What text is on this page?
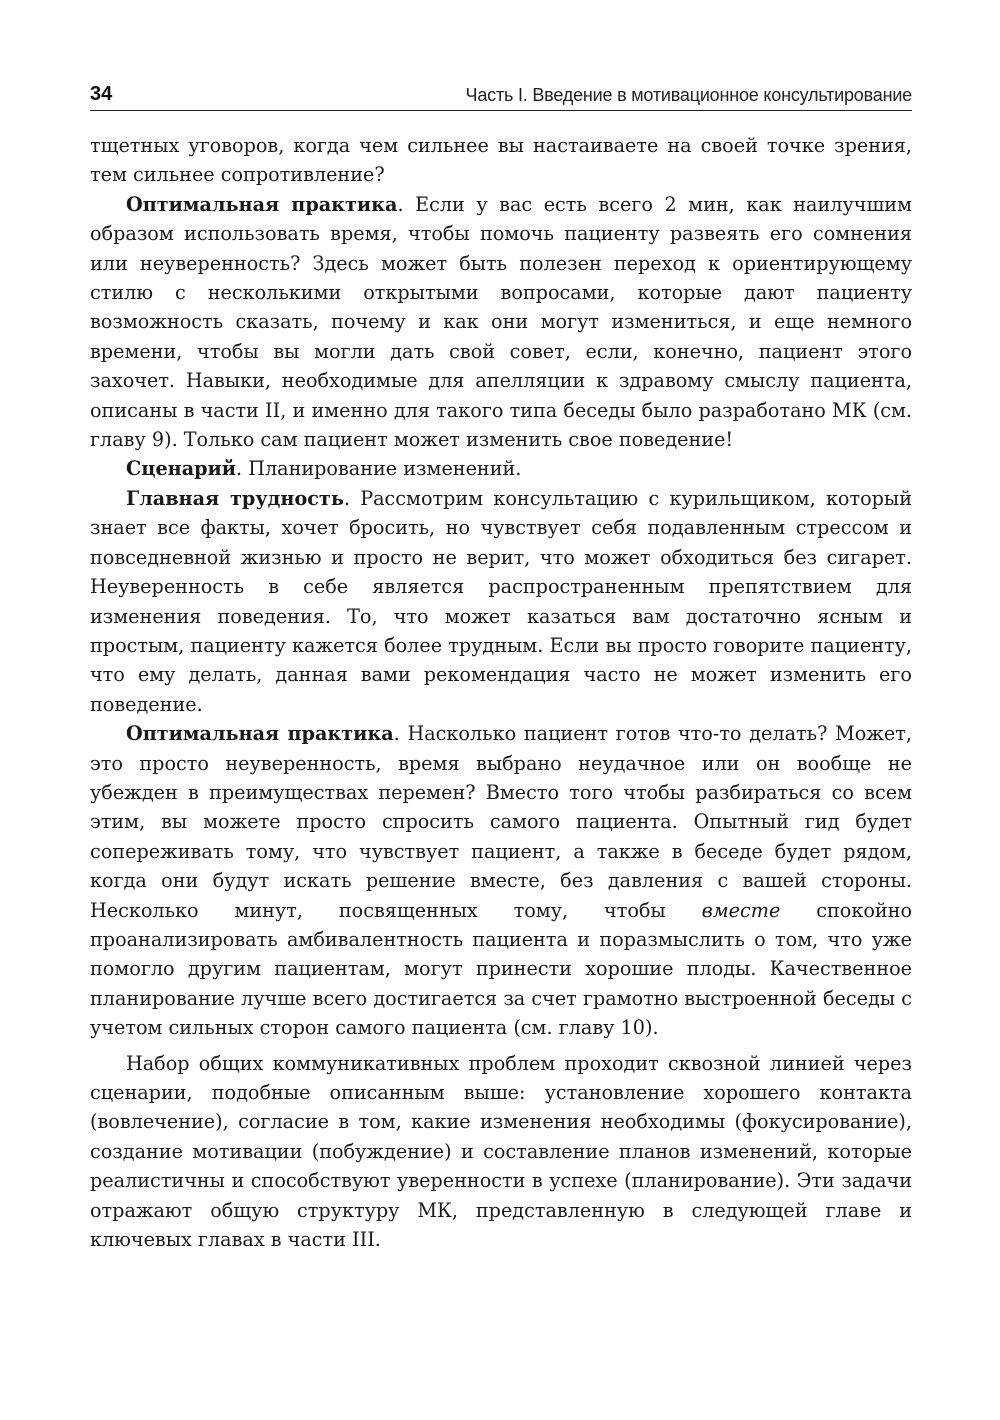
34	Часть I. Введение в мотивационное консультирование

тщетных уговоров, когда чем сильнее вы настаиваете на своей точке зрения, тем сильнее сопротивление?

Оптимальная практика. Если у вас есть всего 2 мин, как наилучшим образом использовать время, чтобы помочь пациенту развеять его сомнения или неуверенность? Здесь может быть полезен переход к ориентирующему стилю с несколькими открытыми вопросами, которые дают пациенту возможность сказать, почему и как они могут измениться, и еще немного времени, чтобы вы могли дать свой совет, если, конечно, пациент этого захочет. Навыки, необходимые для апелляции к здравому смыслу пациента, описаны в части II, и именно для такого типа беседы было разработано МК (см. главу 9). Только сам пациент может изменить свое поведение!

Сценарий. Планирование изменений.

Главная трудность. Рассмотрим консультацию с курильщиком, который знает все факты, хочет бросить, но чувствует себя подавленным стрессом и повседневной жизнью и просто не верит, что может обходиться без сигарет. Неуверенность в себе является распространенным препятствием для изменения поведения. То, что может казаться вам достаточно ясным и простым, пациенту кажется более трудным. Если вы просто говорите пациенту, что ему делать, данная вами рекомендация часто не может изменить его поведение.

Оптимальная практика. Насколько пациент готов что-то делать? Может, это просто неуверенность, время выбрано неудачное или он вообще не убежден в преимуществах перемен? Вместо того чтобы разбираться со всем этим, вы можете просто спросить самого пациента. Опытный гид будет сопереживать тому, что чувствует пациент, а также в беседе будет рядом, когда они будут искать решение вместе, без давления с вашей стороны. Несколько минут, посвященных тому, чтобы вместе спокойно проанализировать амбивалентность пациента и поразмыслить о том, что уже помогло другим пациентам, могут принести хорошие плоды. Качественное планирование лучше всего достигается за счет грамотно выстроенной беседы с учетом сильных сторон самого пациента (см. главу 10).

Набор общих коммуникативных проблем проходит сквозной линией через сценарии, подобные описанным выше: установление хорошего контакта (вовлечение), согласие в том, какие изменения необходимы (фокусирование), создание мотивации (побуждение) и составление планов изменений, которые реалистичны и способствуют уверенности в успехе (планирование). Эти задачи отражают общую структуру МК, представленную в следующей главе и ключевых главах в части III.
